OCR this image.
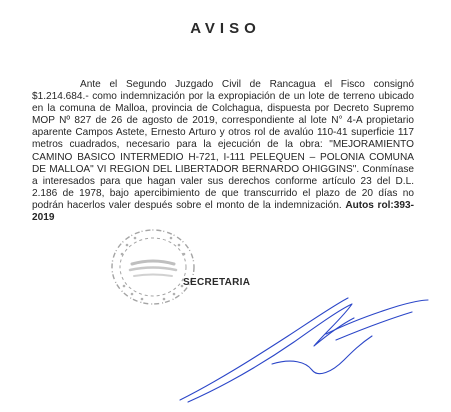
AVISO
Ante el Segundo Juzgado Civil de Rancagua el Fisco consignó $1.214.684.- como indemnización por la expropiación de un lote de terreno ubicado en la comuna de Malloa, provincia de Colchagua, dispuesta por Decreto Supremo MOP Nº 827 de 26 de agosto de 2019, correspondiente al lote N° 4-A propietario aparente Campos Astete, Ernesto Arturo y otros rol de avalúo 110-41 superficie 117 metros cuadrados, necesario para la ejecución de la obra: "MEJORAMIENTO CAMINO BASICO INTERMEDIO H-721, I-111 PELEQUEN – POLONIA COMUNA DE MALLOA" VI REGION DEL LIBERTADOR BERNARDO OHIGGINS". Conmínase a interesados para que hagan valer sus derechos conforme artículo 23 del D.L. 2.186 de 1978, bajo apercibimiento de que transcurrido el plazo de 20 días no podrán hacerlos valer después sobre el monto de la indemnización. Autos rol:393-2019
SECRETARIA
